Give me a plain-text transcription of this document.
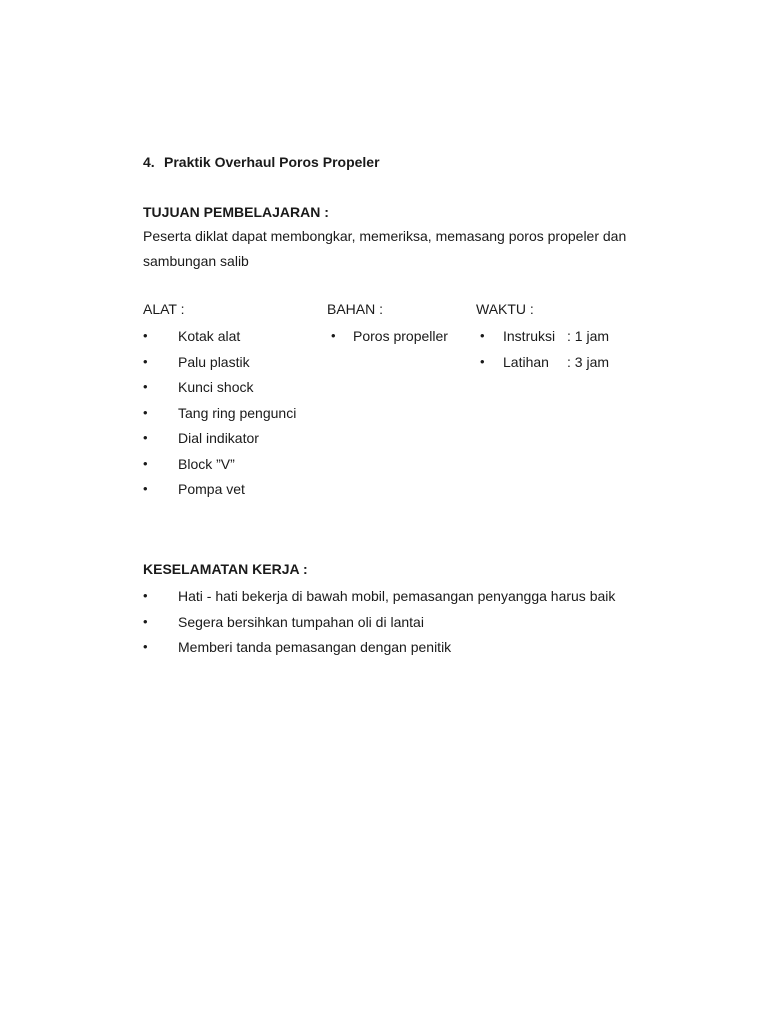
4. Praktik Overhaul Poros Propeler
TUJUAN PEMBELAJARAN :
Peserta diklat dapat membongkar, memeriksa, memasang poros propeler dan
sambungan salib
ALAT :
• Kotak alat
• Palu plastik
• Kunci shock
• Tang ring pengunci
• Dial indikator
• Block ”V”
• Pompa vet
BAHAN :
• Poros propeller
WAKTU :
• Instruksi : 1 jam
• Latihan : 3 jam
KESELAMATAN KERJA :
• Hati - hati bekerja di bawah mobil, pemasangan penyangga harus baik
• Segera bersihkan tumpahan oli di lantai
• Memberi tanda pemasangan dengan penitik
